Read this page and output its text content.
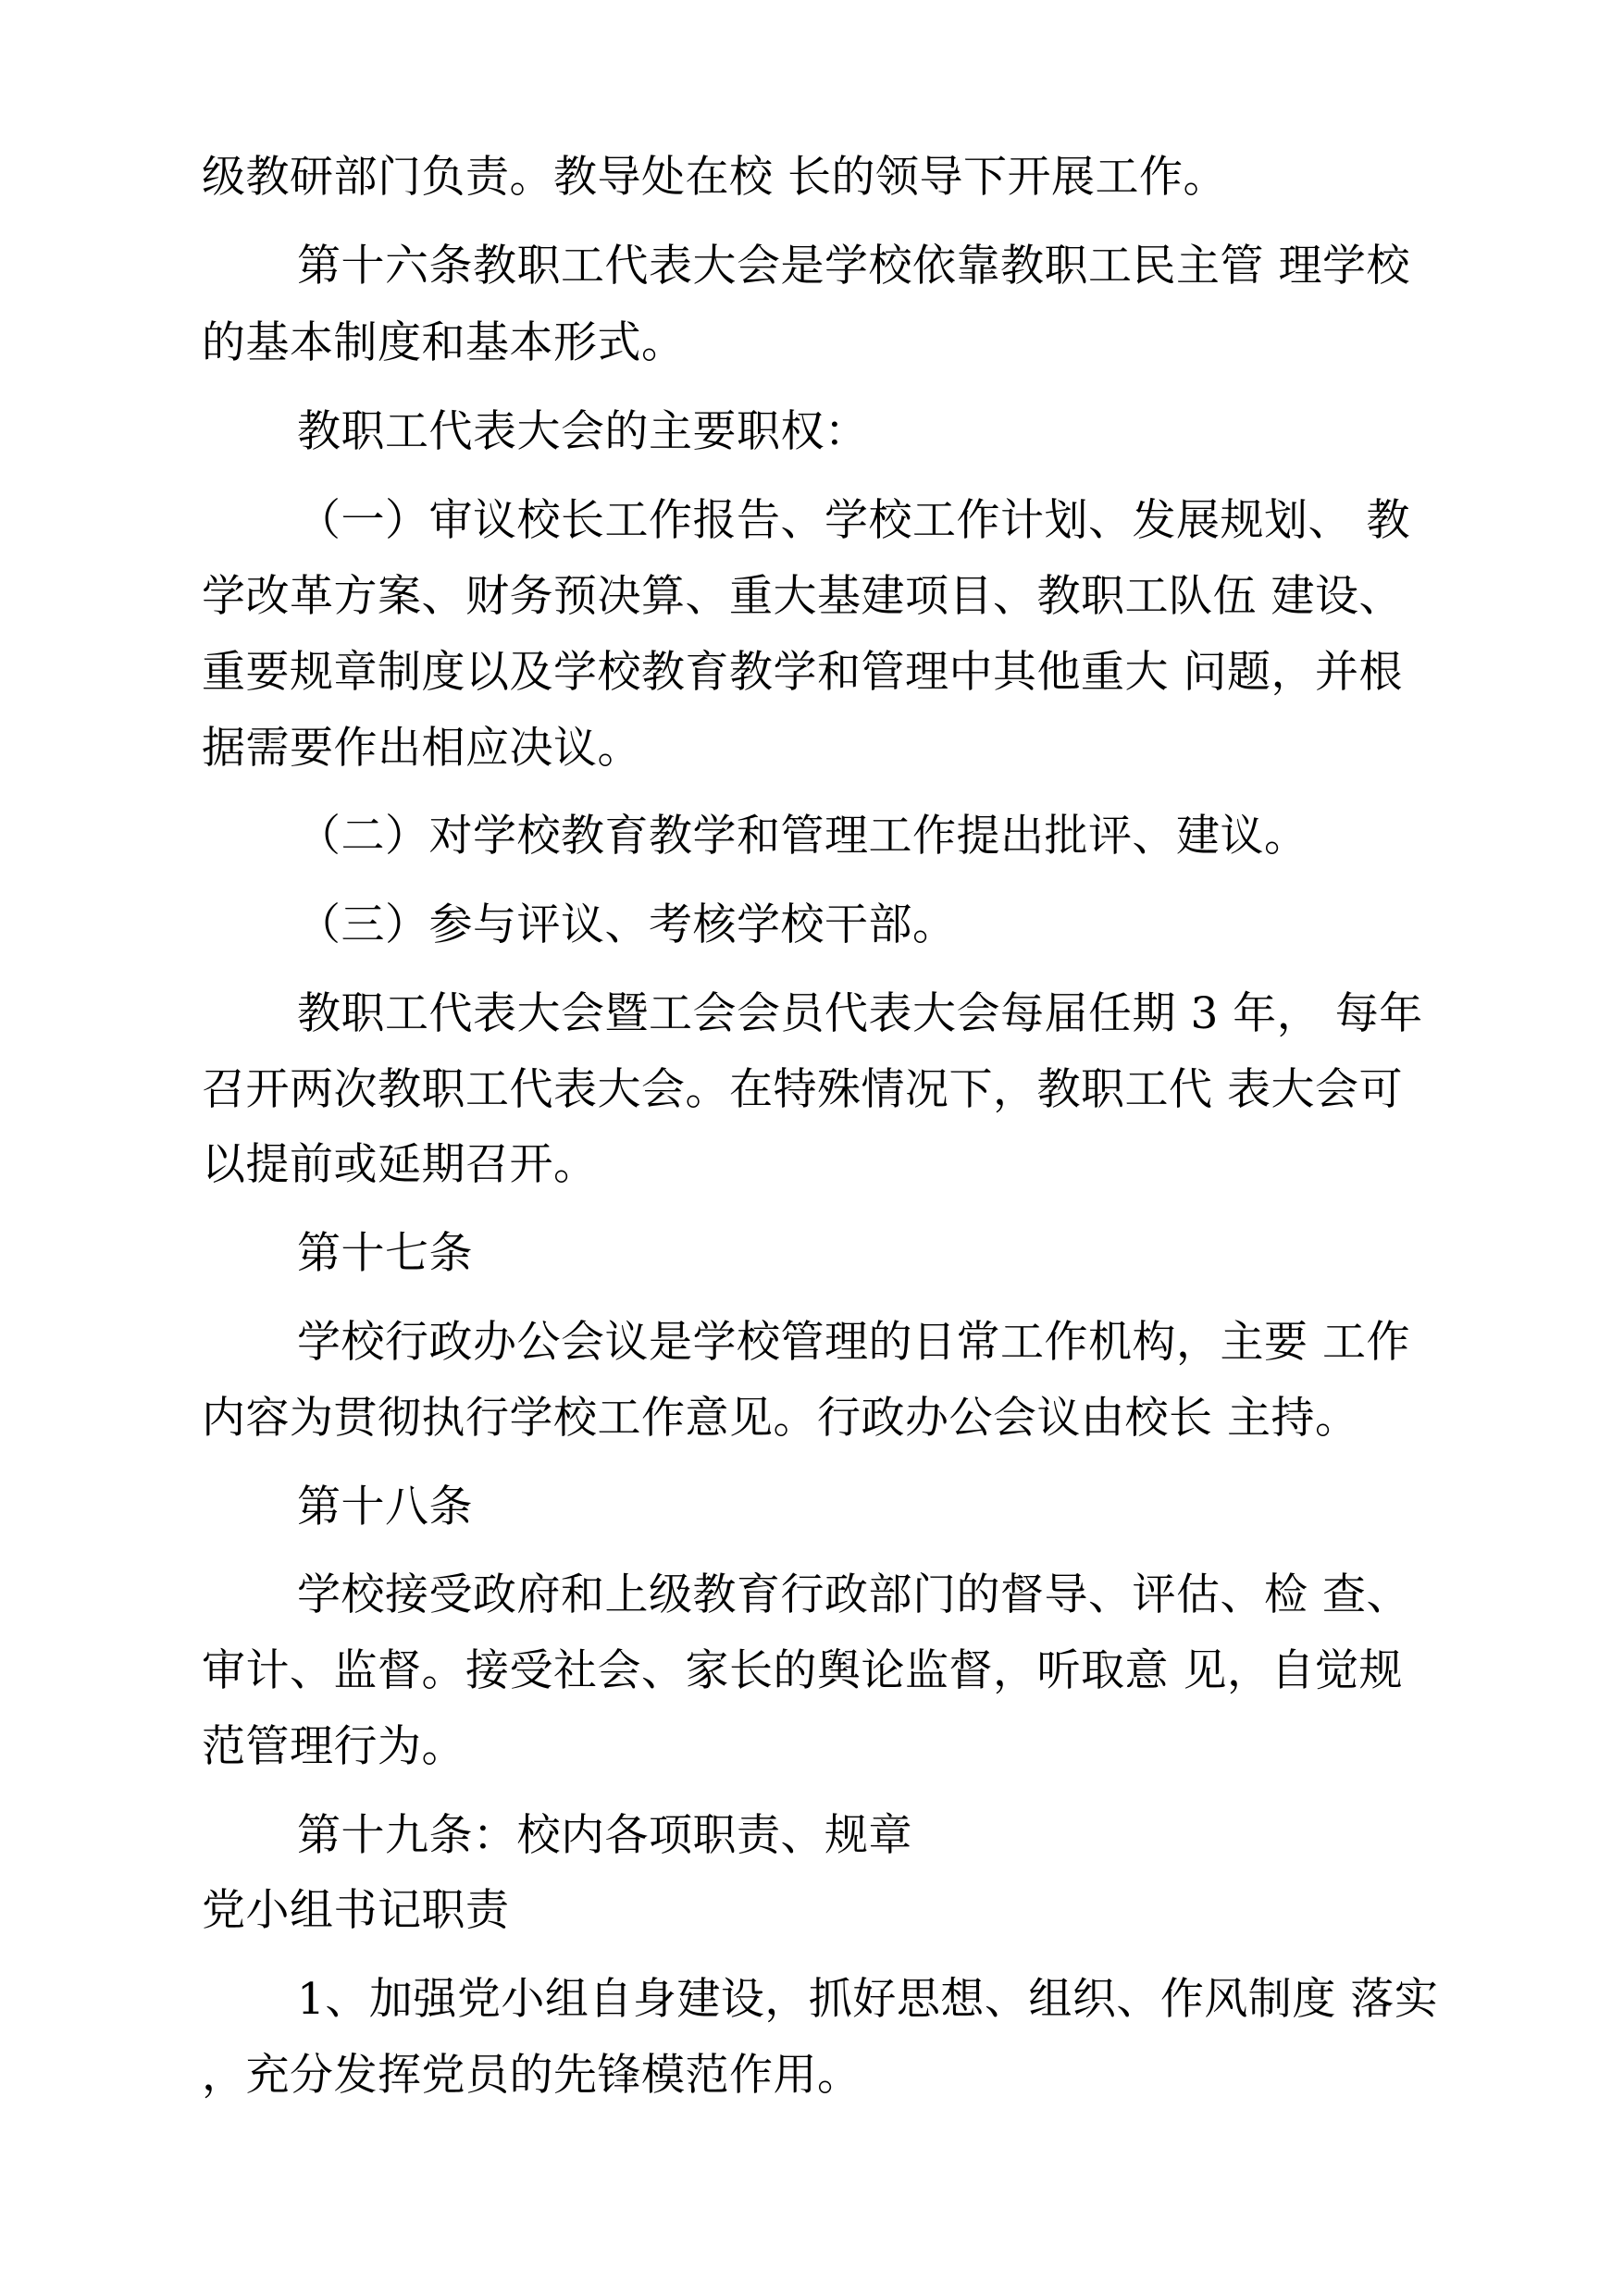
级教研部门负责。教导处在校 长的领导下开展工作。
第十六条教职工代表大会是学校依靠教职工民主管 理学校
的基本制度和基本形式。
教职工代表大会的主要职权：
（一）审议校长工作报告、学校工作计划、发展规划、 教
学改革方案、财务预决算、重大基建项目、教职工队伍 建设、
重要规章制度以及学校教育教学和管理中其他重大 问题，并根
据需要作出相应决议。
（二）对学校教育教学和管理工作提出批评、建议。
（三）参与评议、考核学校干部。
教职工代表大会暨工会会员代表大会每届任期 3 年， 每年
召开两次教职工代表大会。在特殊情况下，教职工代 表大会可
以提前或延期召开。
第十七条
学校行政办公会议是学校管理的日常工作机构，主要 工作
内容为贯彻执行学校工作意见。行政办公会议由校长 主持。
第十八条
学校接受政府和上级教育行政部门的督导、评估、检 查、
审计、监督。接受社会、家长的舆论监督，听取意 见，自觉规
范管理行为。
第十九条：校内各项职责、规章
党小组书记职责
1、加强党小组自身建设，抓好思想、组织、作风制度 落实
，充分发挥党员的先锋模范作用。
